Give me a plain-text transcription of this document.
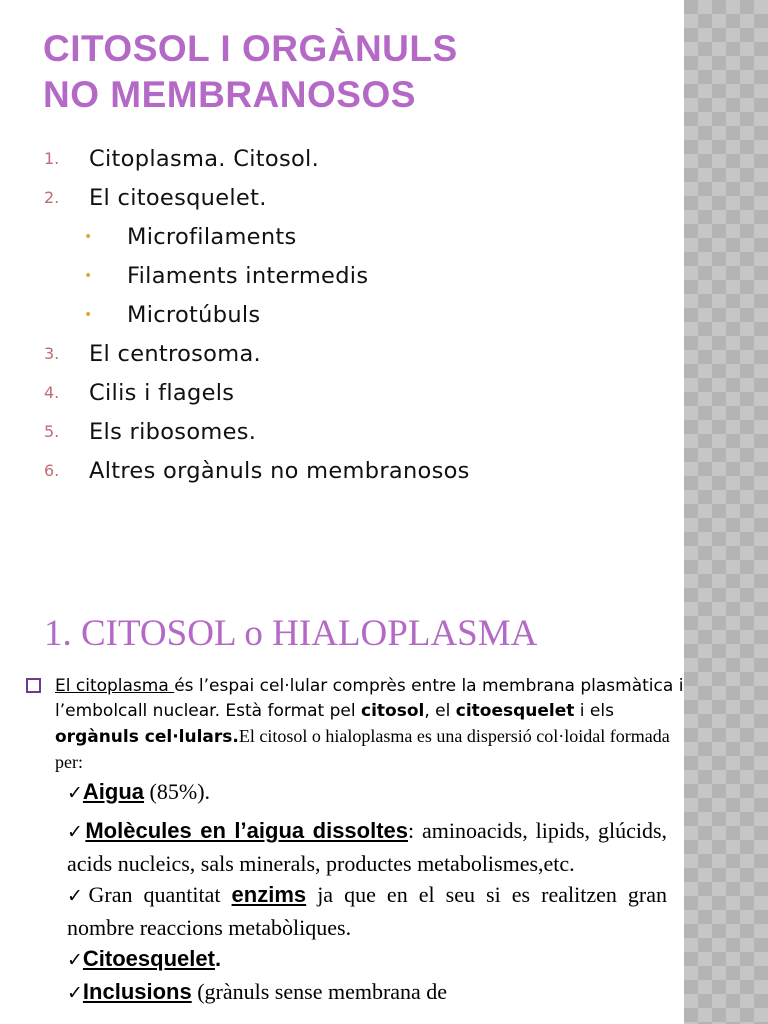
CITOSOL I ORGÀNULS
NO MEMBRANOSOS
1.	Citoplasma. Citosol.
2.	El citoesquelet.
•	Microfilaments
•	Filaments intermedis
•	Microtúbuls
3.	El centrosoma.
4.	Cilis i flagels
5.	Els ribosomes.
6.	Altres orgànuls no membranosos
1. CITOSOL o HIALOPLASMA
El citoplasma és l’espai cel·lular comprès entre la membrana plasmàtica i l’embolcall nuclear. Està format pel citosol, el citoesquelet i els orgànuls cel·lulars.El citosol o hialoplasma es una dispersió col·loidal formada per:
✓Aigua (85%).
✓Molècules en l’aigua dissoltes: aminoacids, lipids, glúcids, acids nucleics, sals minerals, productes metabolismes,etc.
✓Gran quantitat enzims ja que en el seu si es realitzen gran nombre reaccions metabòliques.
✓Citoesquelet.
✓Inclusions (grànuls sense membrana de
